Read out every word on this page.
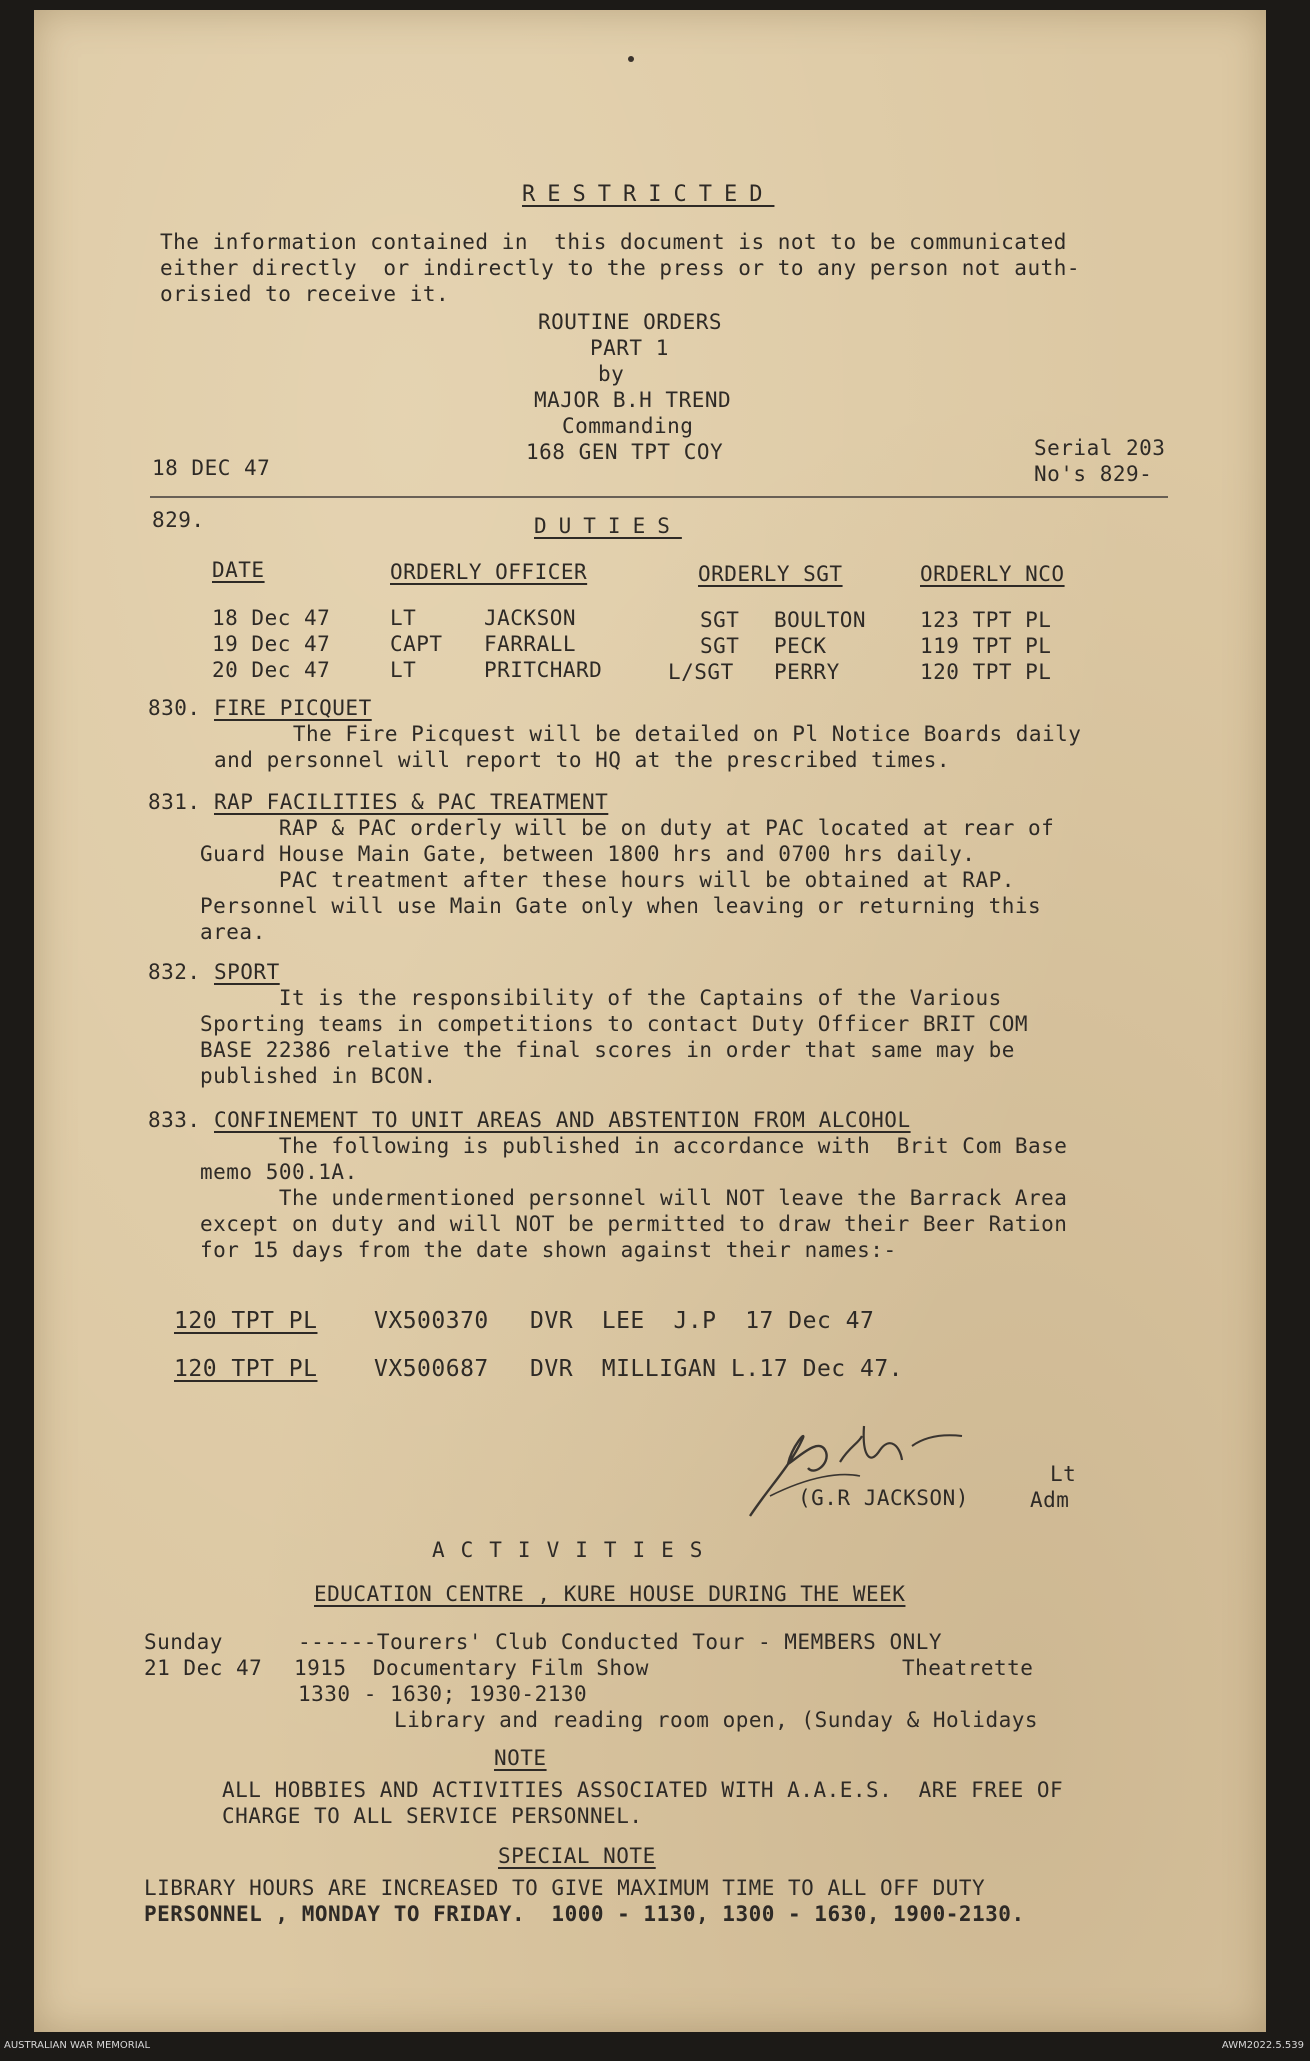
RESTRICTED
The information contained in  this document is not to be communicated
either directly  or indirectly to the press or to any person not auth-
orisied to receive it.
ROUTINE ORDERS
PART 1
by
MAJOR B.H TREND
Commanding
168 GEN TPT COY
18 DEC 47
Serial 203
No's 829-
829.	DUTIES
DATE	ORDERLY OFFICER	ORDERLY SGT	ORDERLY NCO
18 Dec 47	LT	JACKSON	SGT BOULTON	123 TPT PL
19 Dec 47	CAPT FARRALL	SGT PECK	119 TPT PL
20 Dec 47	LT	PRITCHARD	L/SGT PERRY	120 TPT PL
830. FIRE PICQUET
The Fire Picquest will be detailed on Pl Notice Boards daily
and personnel will report to HQ at the prescribed times.
831. RAP FACILITIES & PAC TREATMENT
RAP & PAC orderly will be on duty at PAC located at rear of
Guard House Main Gate, between 1800 hrs and 0700 hrs daily.
PAC treatment after these hours will be obtained at RAP.
Personnel will use Main Gate only when leaving or returning this
area.
832. SPORT
It is the responsibility of the Captains of the Various
Sporting teams in competitions to contact Duty Officer BRIT COM
BASE 22386 relative the final scores in order that same may be
published in BCON.
833. CONFINEMENT TO UNIT AREAS AND ABSTENTION FROM ALCOHOL
The following is published in accordance with  Brit Com Base
memo 500.1A.
The undermentioned personnel will NOT leave the Barrack Area
except on duty and will NOT be permitted to draw their Beer Ration
for 15 days from the date shown against their names:-
120 TPT PL VX500370 DVR  LEE  J.P  17 Dec 47
120 TPT PL VX500687 DVR  MILLIGAN L.17 Dec 47.
Lt
(G.R JACKSON)	Adm
ACTIVITIES
EDUCATION CENTRE , KURE HOUSE DURING THE WEEK
Sunday
21 Dec 47
------Tourers' Club Conducted Tour - MEMBERS ONLY
1915  Documentary Film Show	Theatrette
1330 - 1630; 1930-2130
Library and reading room open, (Sunday & Holidays
NOTE
ALL HOBBIES AND ACTIVITIES ASSOCIATED WITH A.A.E.S.  ARE FREE OF
CHARGE TO ALL SERVICE PERSONNEL.
SPECIAL NOTE
LIBRARY HOURS ARE INCREASED TO GIVE MAXIMUM TIME TO ALL OFF DUTY
PERSONNEL , MONDAY TO FRIDAY.  1000 - 1130, 1300 - 1630, 1900-2130.
AUSTRALIAN WAR MEMORIAL	AWM2022.5.539
